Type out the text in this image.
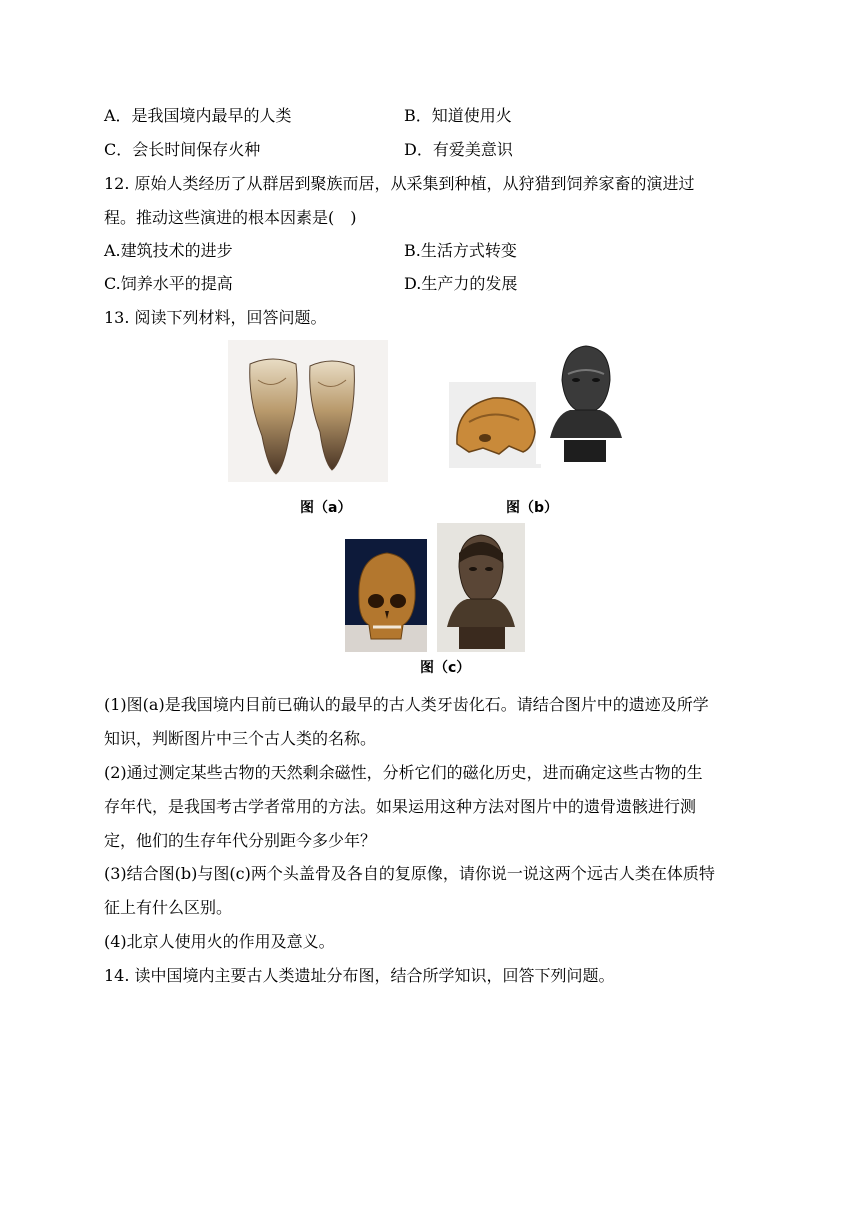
A．是我国境内最早的人类	B．知道使用火
C．会长时间保存火种	D．有爱美意识
12. 原始人类经历了从群居到聚族而居，从采集到种植，从狩猎到饲养家畜的演进过
程。推动这些演进的根本因素是(　)
A.建筑技术的进步	B.生活方式转变
C.饲养水平的提高	D.生产力的发展
13. 阅读下列材料，回答问题。
图（a）	图（b）
图（c）
(1)图(a)是我国境内目前已确认的最早的古人类牙齿化石。请结合图片中的遗迹及所学
知识，判断图片中三个古人类的名称。
(2)通过测定某些古物的天然剩余磁性，分析它们的磁化历史，进而确定这些古物的生
存年代，是我国考古学者常用的方法。如果运用这种方法对图片中的遗骨遗骸进行测
定，他们的生存年代分别距今多少年？
(3)结合图(b)与图(c)两个头盖骨及各自的复原像，请你说一说这两个远古人类在体质特
征上有什么区别。
(4)北京人使用火的作用及意义。
14. 读中国境内主要古人类遗址分布图，结合所学知识，回答下列问题。
